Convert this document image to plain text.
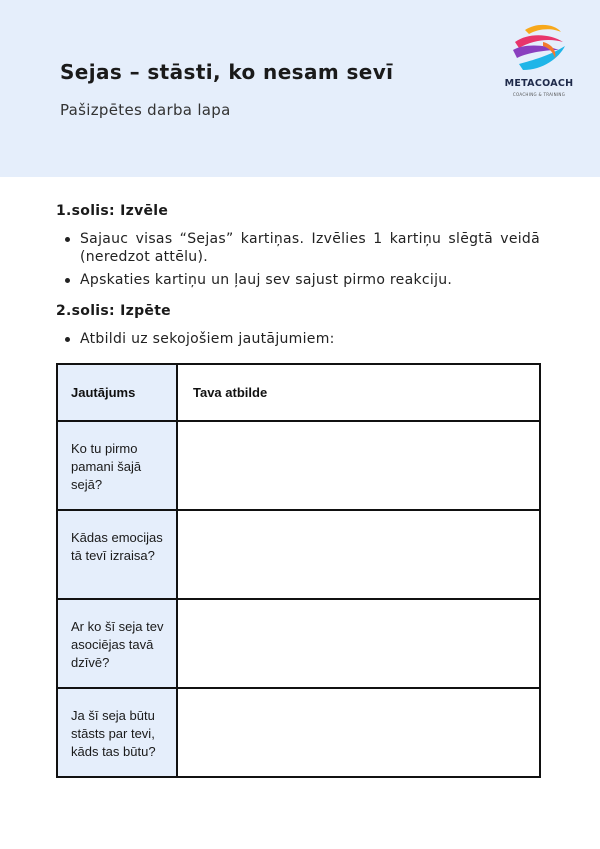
Sejas – stāsti, ko nesam sevī
Pašizpētes darba lapa
METACOACH
COACHING & TRAINING
1.solis: Izvēle
Sajauc visas “Sejas” kartiņas. Izvēlies 1 kartiņu slēgtā veidā (neredzot attēlu).
Apskaties kartiņu un ļauj sev sajust pirmo reakciju.
2.solis: Izpēte
Atbildi uz sekojošiem jautājumiem:
Jautājums	Tava atbilde

Ko tu pirmo pamani šajā sejā?	

Kādas emocijas tā tevī izraisa?	

Ar ko šī seja tev asociējas tavā dzīvē?	

Ja šī seja būtu stāsts par tevi, kāds tas būtu?	
